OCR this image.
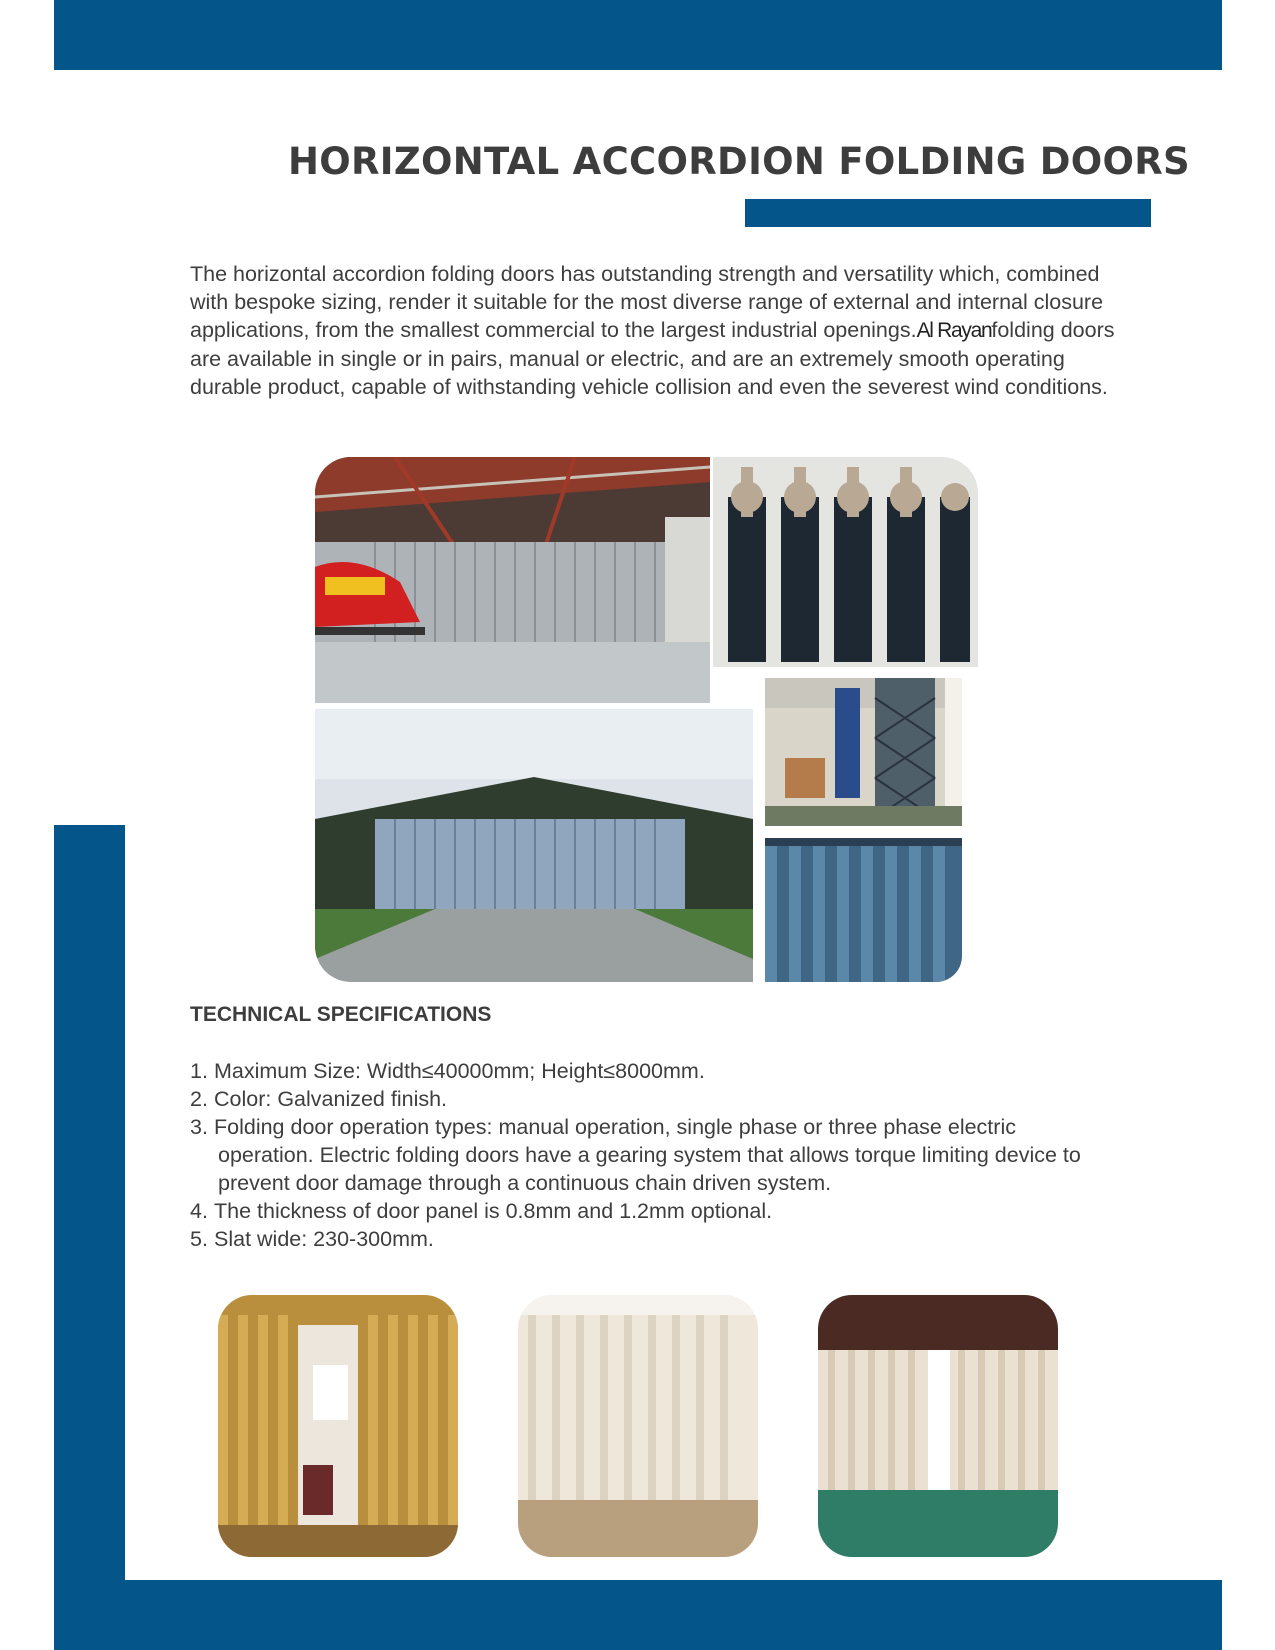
HORIZONTAL ACCORDION FOLDING DOORS
The horizontal accordion folding doors has outstanding strength and versatility which, combined with bespoke sizing, render it suitable for the most diverse range of external and internal closure applications, from the smallest commercial to the largest industrial openings.Al Rayanfolding doors are available in single or in pairs, manual or electric, and are an extremely smooth operating durable product, capable of withstanding vehicle collision and even the severest wind conditions.
TECHNICAL SPECIFICATIONS
1. Maximum Size: Width≤40000mm; Height≤8000mm.
2. Color: Galvanized finish.
3. Folding door operation types: manual operation, single phase or three phase electric
operation. Electric folding doors have a gearing system that allows torque limiting device to prevent door damage through a continuous chain driven system.
4. The thickness of door panel is 0.8mm and 1.2mm optional.
5. Slat wide: 230-300mm.
